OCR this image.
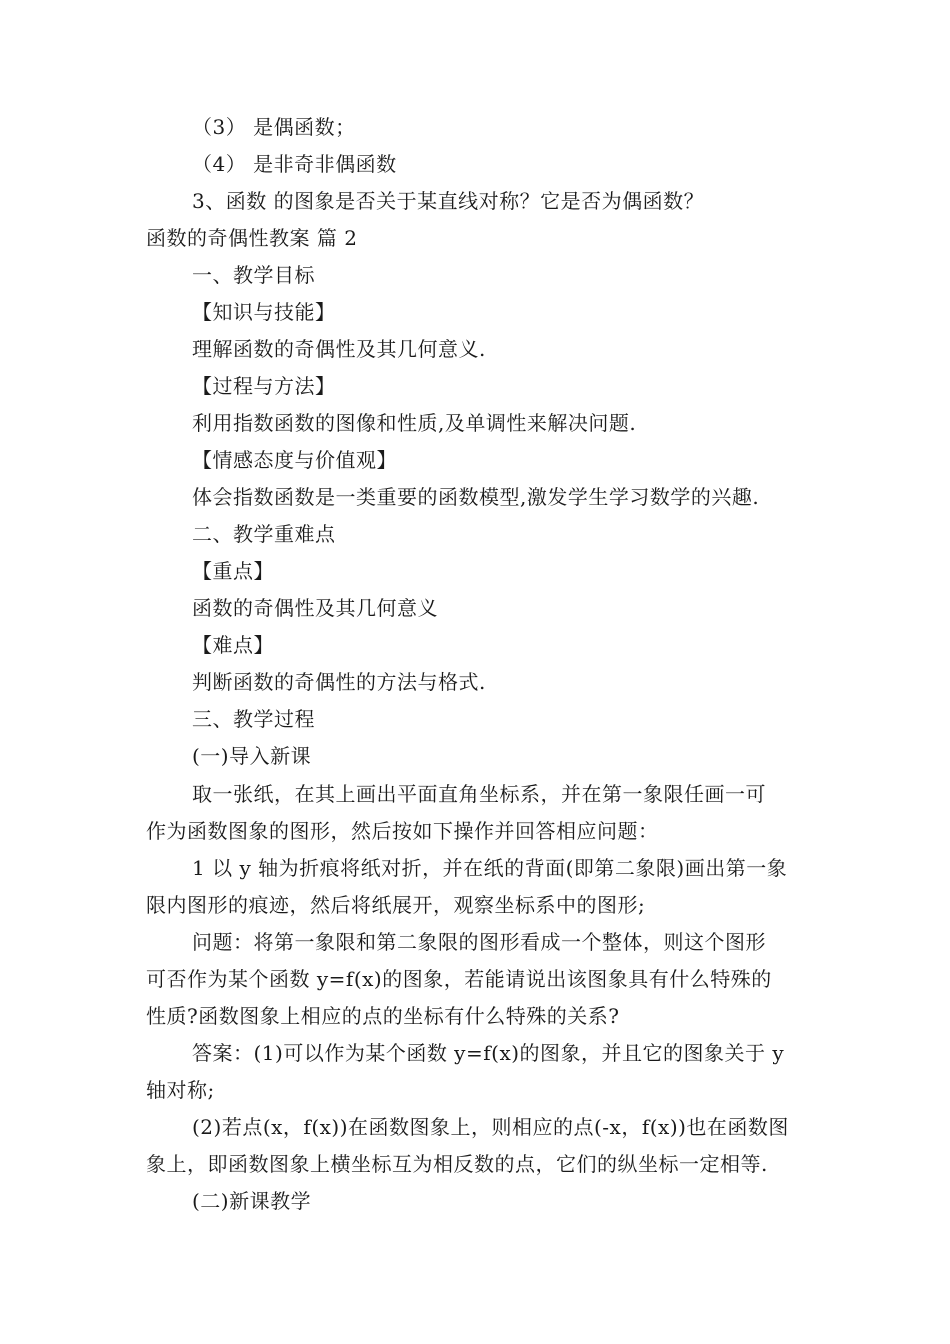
（3） 是偶函数；
（4） 是非奇非偶函数
3、函数 的图象是否关于某直线对称？它是否为偶函数？
函数的奇偶性教案 篇 2
一、教学目标
【知识与技能】
理解函数的奇偶性及其几何意义.
【过程与方法】
利用指数函数的图像和性质,及单调性来解决问题.
【情感态度与价值观】
体会指数函数是一类重要的函数模型,激发学生学习数学的兴趣.
二、教学重难点
【重点】
函数的奇偶性及其几何意义
【难点】
判断函数的奇偶性的方法与格式.
三、教学过程
(一)导入新课
取一张纸，在其上画出平面直角坐标系，并在第一象限任画一可
作为函数图象的图形，然后按如下操作并回答相应问题：
1 以 y 轴为折痕将纸对折，并在纸的背面(即第二象限)画出第一象
限内图形的痕迹，然后将纸展开，观察坐标系中的图形;
问题：将第一象限和第二象限的图形看成一个整体，则这个图形
可否作为某个函数 y=f(x)的图象，若能请说出该图象具有什么特殊的
性质?函数图象上相应的点的坐标有什么特殊的关系?
答案：(1)可以作为某个函数 y=f(x)的图象，并且它的图象关于 y
轴对称;
(2)若点(x，f(x))在函数图象上，则相应的点(-x，f(x))也在函数图
象上，即函数图象上横坐标互为相反数的点，它们的纵坐标一定相等.
(二)新课教学
